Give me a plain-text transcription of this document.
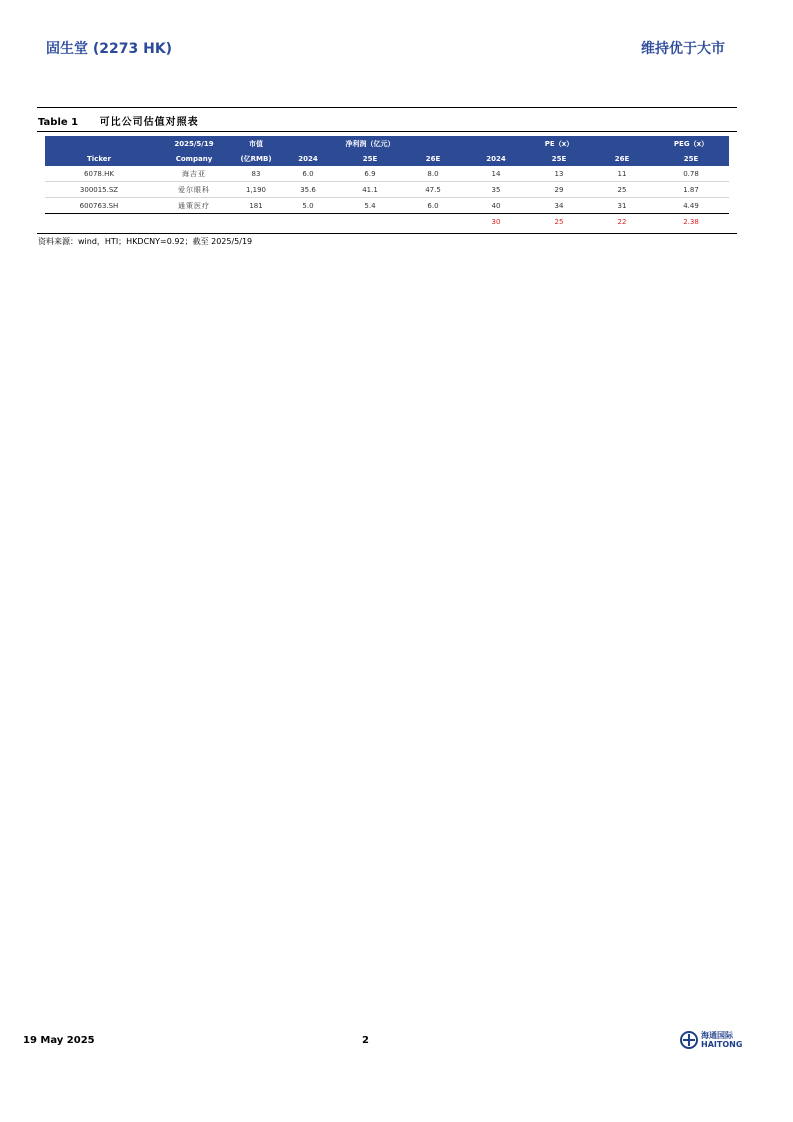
固生堂 (2273 HK)	维持优于大市
Table 1 可比公司估值对照表
	2025/5/19	市值		净利润（亿元）			PE（x）		PEG（x）
Ticker	Company	(亿RMB)	2024	25E	26E	2024	25E	26E	25E
6078.HK	海吉亚	83	6.0	6.9	8.0	14	13	11	0.78
300015.SZ	爱尔眼科	1,190	35.6	41.1	47.5	35	29	25	1.87
600763.SH	通策医疗	181	5.0	5.4	6.0	40	34	31	4.49
						30	25	22	2.38
资料来源：wind，HTI；HKDCNY=0.92；截至 2025/5/19
19 May 2025	2	海通国际
HAITONG
